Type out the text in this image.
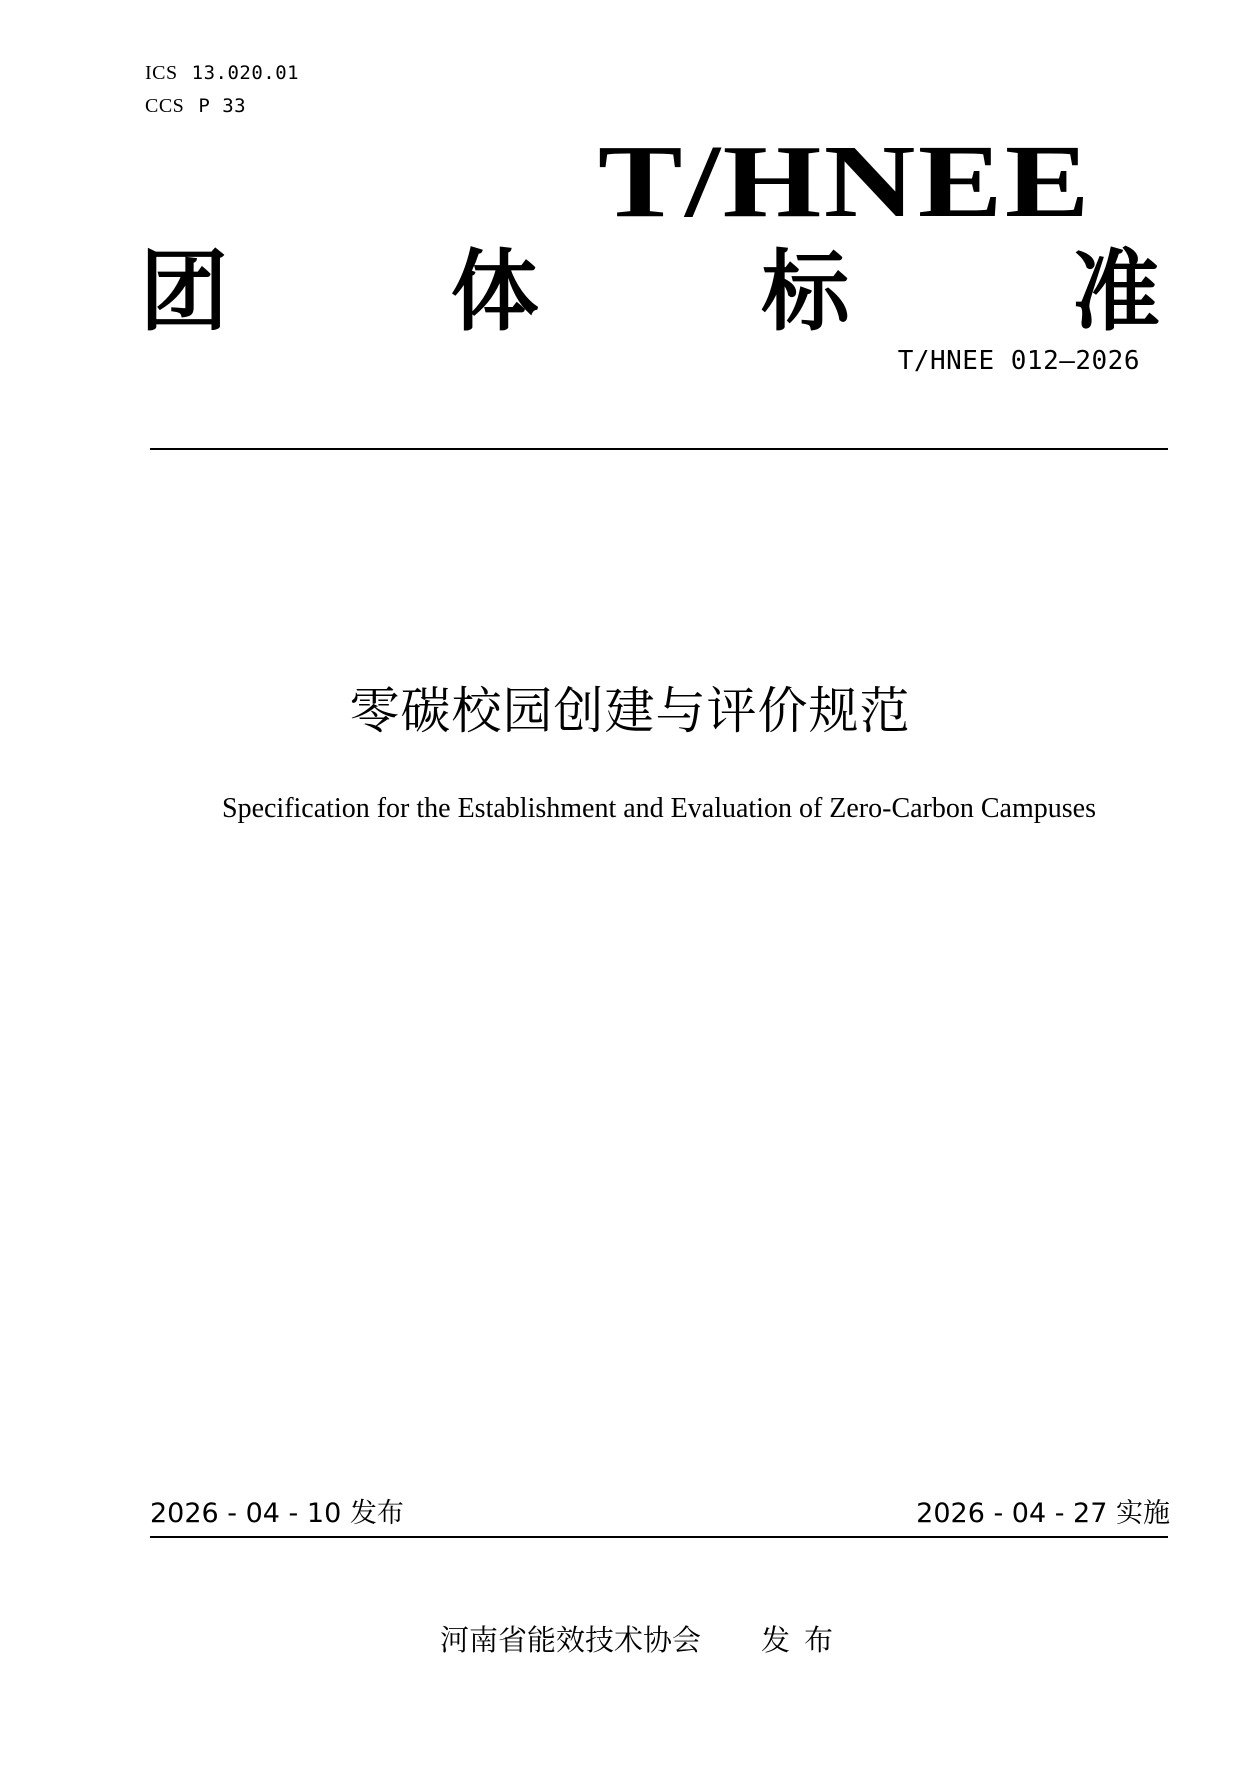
ICS 13.020.01
CCS P 33
T/HNEE
团	体	标	准
T/HNEE 012—2026
零碳校园创建与评价规范
Specification for the Establishment and Evaluation of Zero-Carbon Campuses
2026 - 04 - 10 发布	2026 - 04 - 27 实施
河南省能效技术协会 发布
